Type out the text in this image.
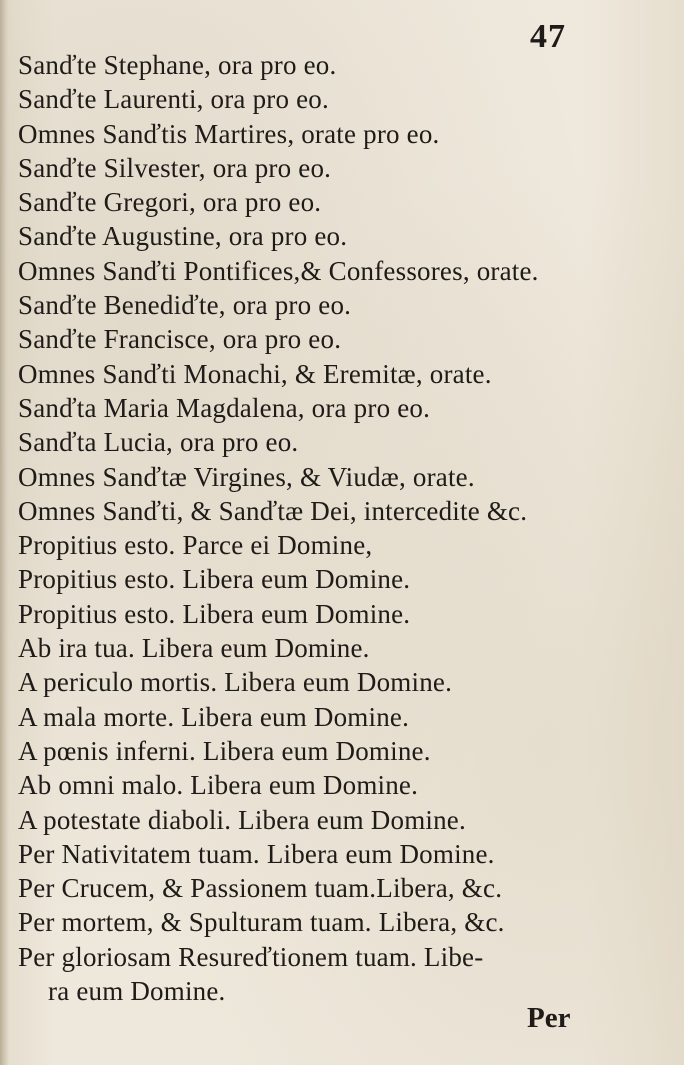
47
Sanďte Stephane, ora pro eo.
Sanďte Laurenti, ora pro eo.
Omnes Sanďtis Martires, orate pro eo.
Sanďte Silvester, ora pro eo.
Sanďte Gregori, ora pro eo.
Sanďte Augustine, ora pro eo.
Omnes Sanďti Pontifices,& Confessores, orate.
Sanďte Benediďte, ora pro eo.
Sanďte Francisce, ora pro eo.
Omnes Sanďti Monachi, & Eremitæ, orate.
Sanďta Maria Magdalena, ora pro eo.
Sanďta Lucia, ora pro eo.
Omnes Sanďtæ Virgines, & Viudæ, orate.
Omnes Sanďti, & Sanďtæ Dei, intercedite &c.
Propitius esto. Parce ei Domine,
Propitius esto. Libera eum Domine.
Propitius esto. Libera eum Domine.
Ab ira tua. Libera eum Domine.
A periculo mortis. Libera eum Domine.
A mala morte. Libera eum Domine.
A pœnis inferni. Libera eum Domine.
Ab omni malo. Libera eum Domine.
A potestate diaboli. Libera eum Domine.
Per Nativitatem tuam. Libera eum Domine.
Per Crucem, & Passionem tuam.Libera, &c.
Per mortem, & Spulturam tuam. Libera, &c.
Per gloriosam Resureďtionem tuam. Libe-
ra eum Domine.
Per
